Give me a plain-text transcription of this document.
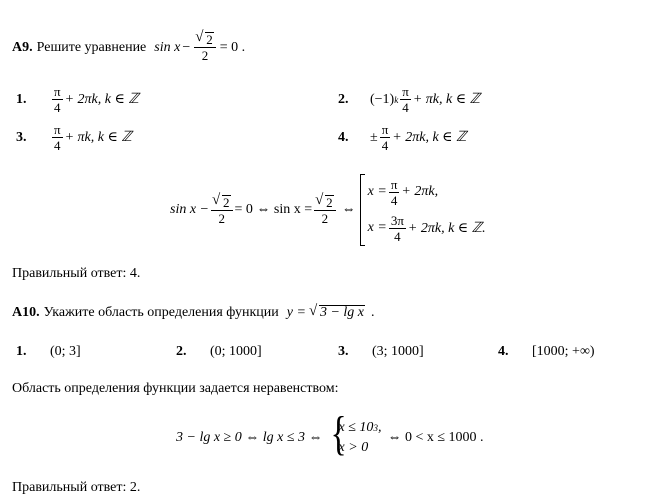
А9. Решите уравнение sin x − √ $\frac{2}{2} = 0$ .
1.	$\frac{\pi}{4} + 2\pi k$, k ∈ ℤ	2.	(−1) k $\frac{\pi}{4} + \pi k$, k ∈ ℤ
3.	$\frac{\pi}{4} + \pi k$, k ∈ ℤ	4.	± $\frac{\pi}{4} + 2\pi k$, k ∈ ℤ
sin x − √ $\frac{2}{2} = 0$ ⇔ sin x = √ $\frac{2}{2}$ ⇔
$x = \frac{\pi}{4} + 2\pi k$,
$x = \frac{3\pi}{4} + 2\pi k$, k ∈ ℤ.
Правильный ответ: 4.
А10. Укажите область определения функции y =	√ 3 − lg x .
1.	(0; 3]	2.	(0; 1000]	3.	(3; 1000]	4.	[1000; +∞)
Область определения функции задается неравенством:
3 − lg x ≥ 0 ⇔ lg x ≤ 3 ⇔
{ x ≤ 10 3 ,
x > 0
⇔ 0 < x ≤ 1000 .
Правильный ответ: 2.
